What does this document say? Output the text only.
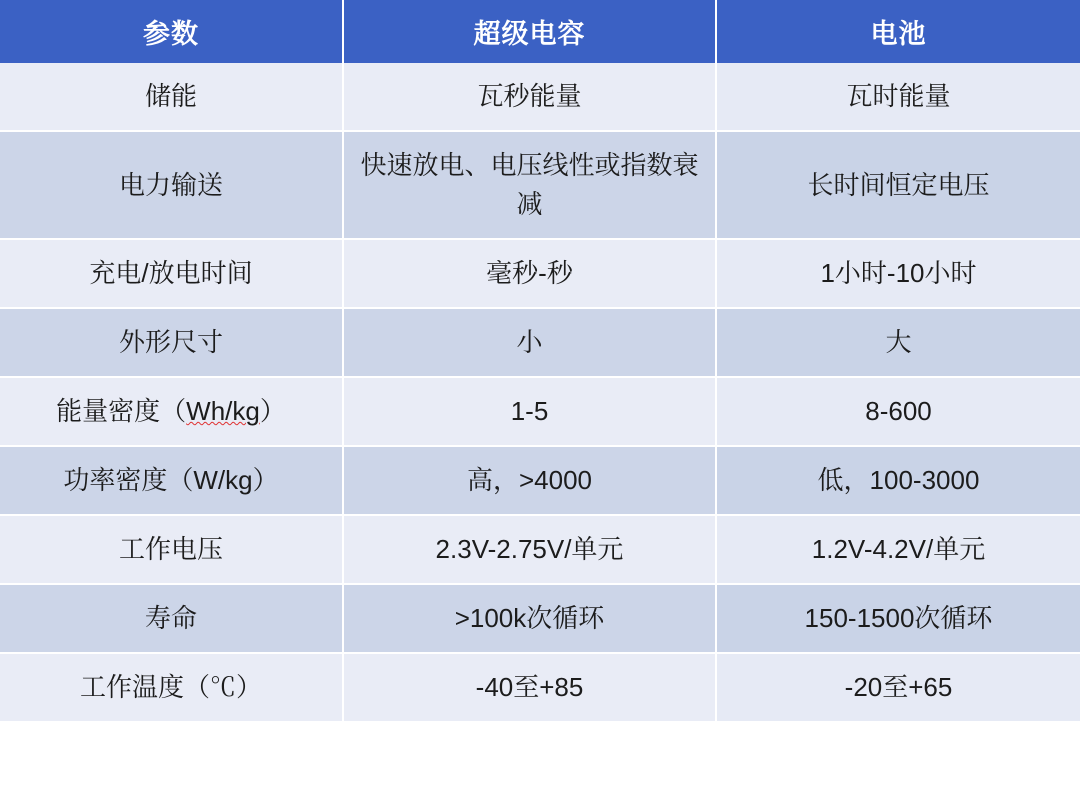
参数	超级电容	电池
储能	瓦秒能量	瓦时能量
电力输送	快速放电、电压线性或指数衰减	长时间恒定电压
充电/放电时间	毫秒-秒	1小时-10小时
外形尺寸	小	大
能量密度（Wh/kg）	1-5	8-600
功率密度（W/kg）	高，>4000	低，100-3000
工作电压	2.3V-2.75V/单元	1.2V-4.2V/单元
寿命	>100k次循环	150-1500次循环
工作温度（℃）	-40至+85	-20至+65
